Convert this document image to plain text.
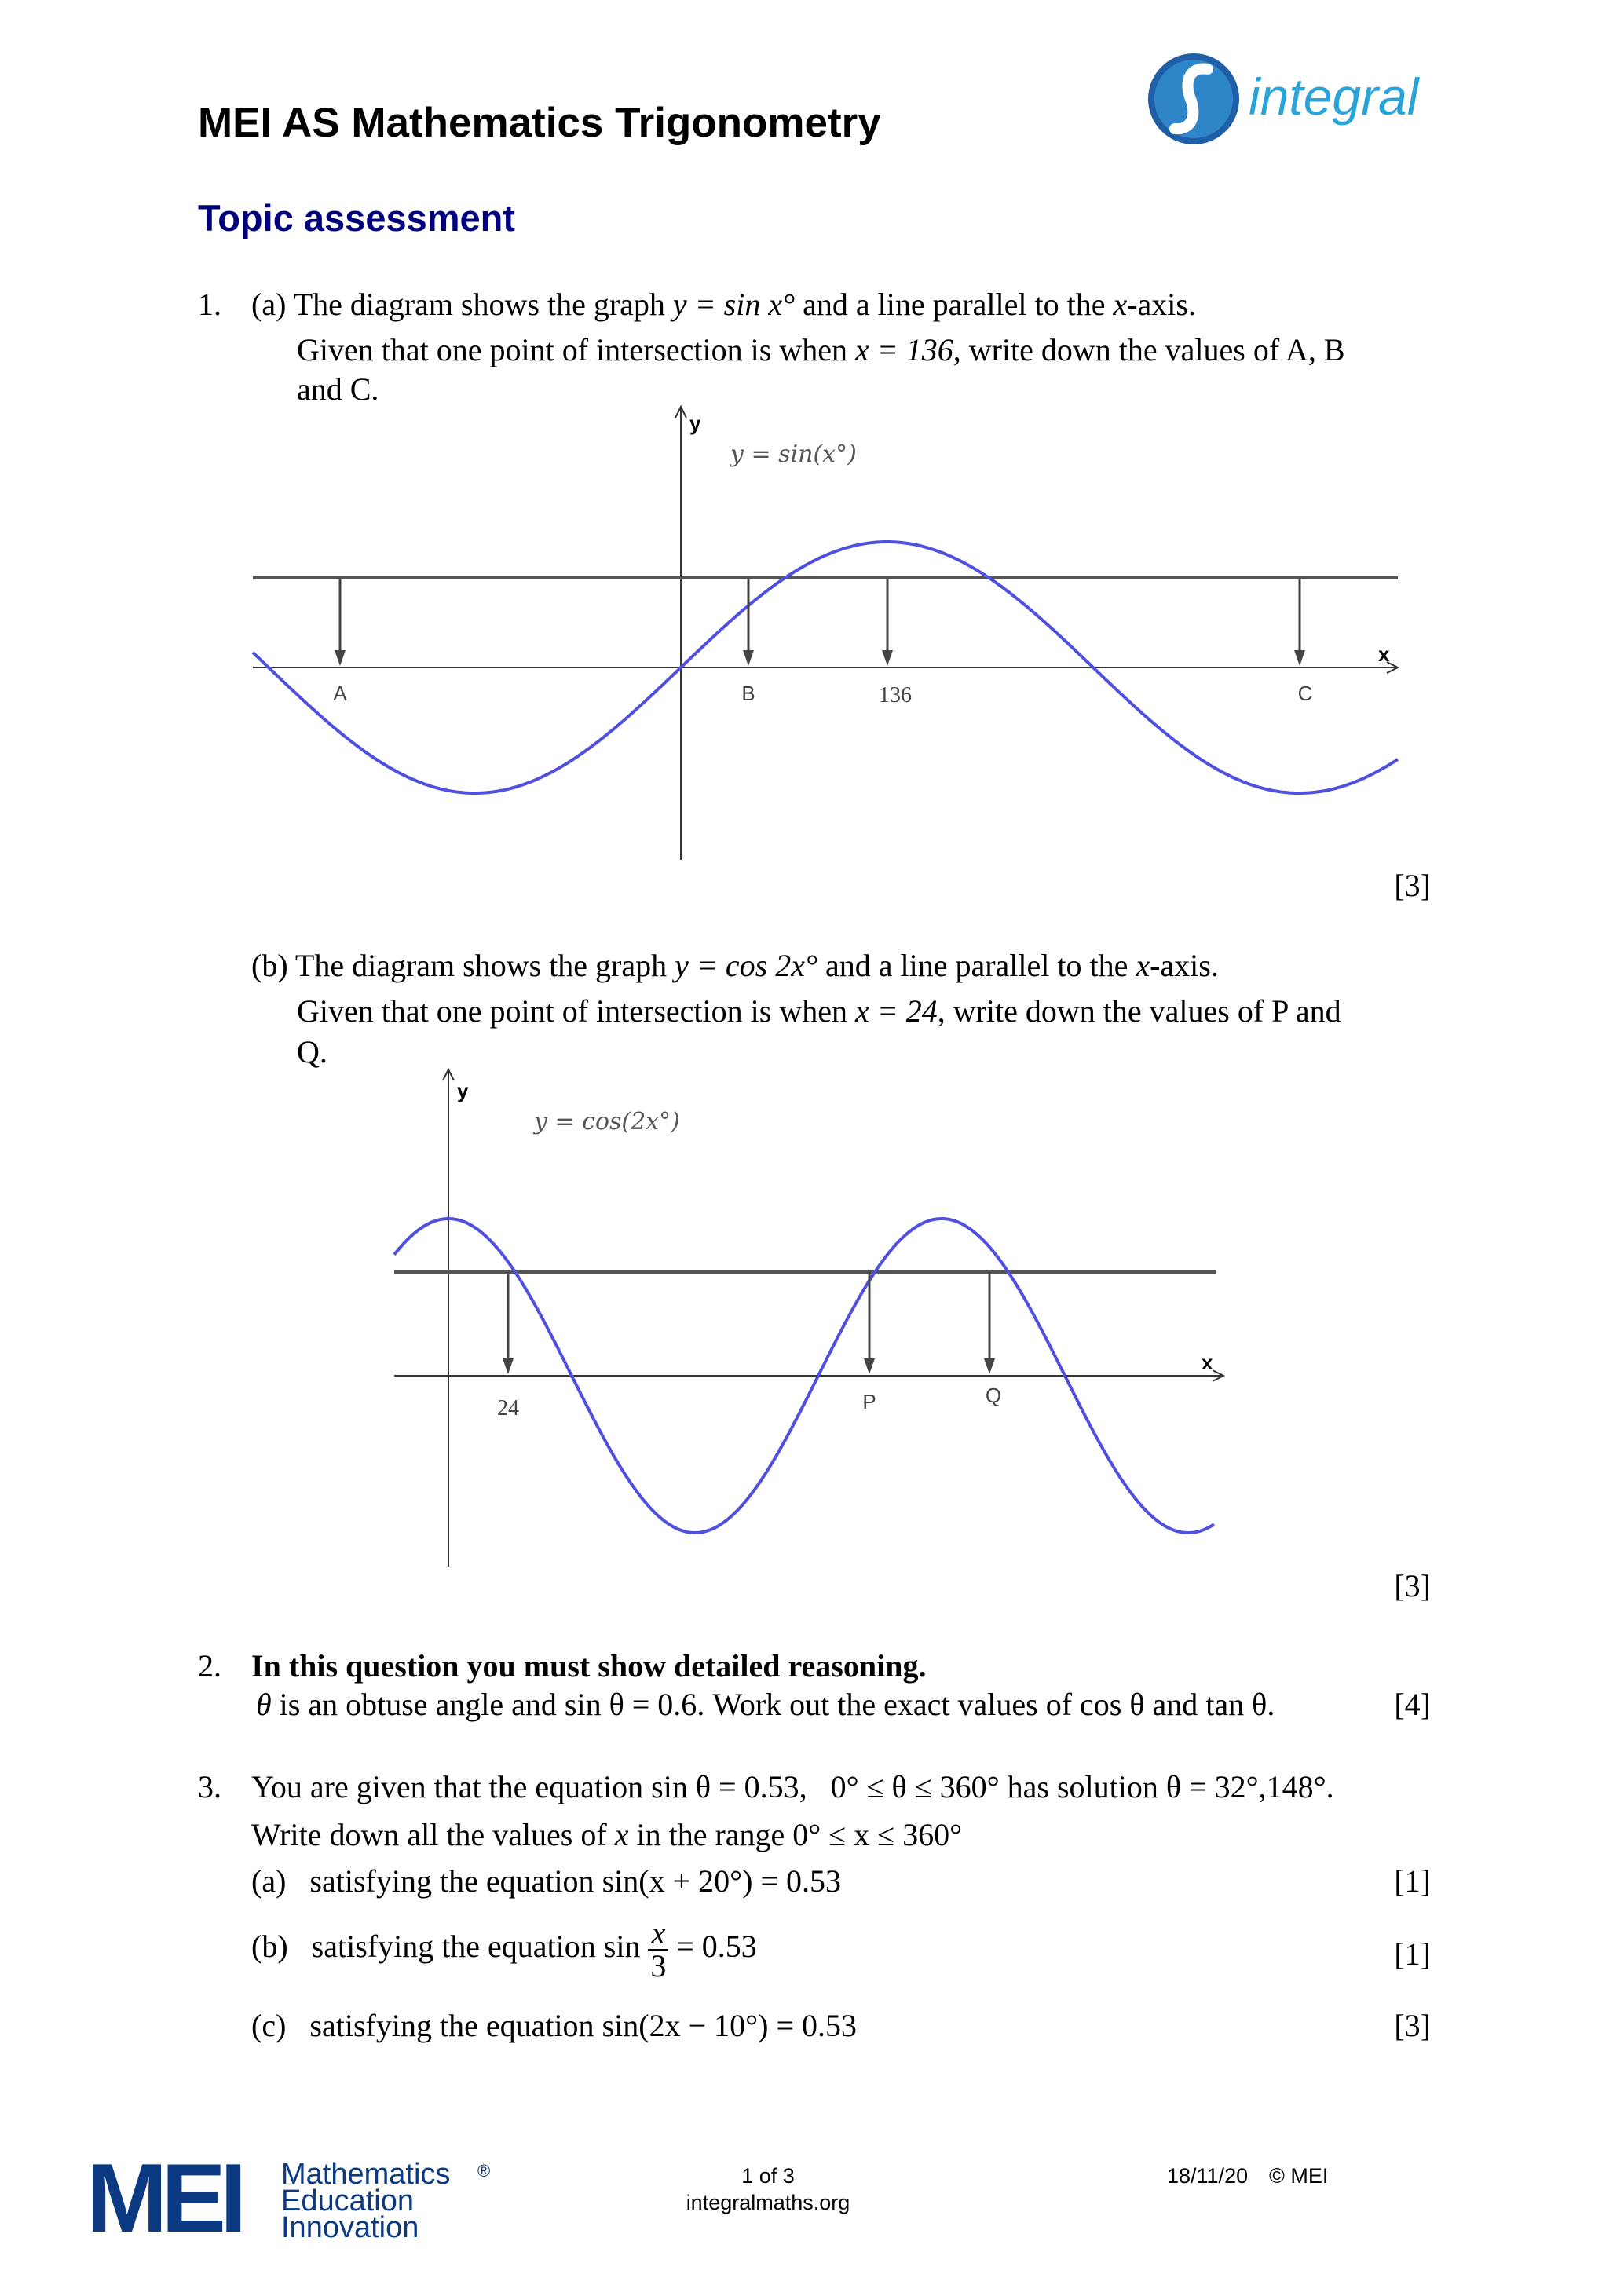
MEI AS Mathematics Trigonometry
Topic assessment
integral
1. (a) The diagram shows the graph y = sin x° and a line parallel to the x-axis.
Given that one point of intersection is when x = 136, write down the values of A, B
and C.
y
x
y = sin(x°)
A	B	136	C
[3]
(b) The diagram shows the graph y = cos 2x° and a line parallel to the x-axis.
Given that one point of intersection is when x = 24, write down the values of P and
Q.
y
x
y = cos(2x°)
24	P	Q
[3]
2. In this question you must show detailed reasoning.
θ is an obtuse angle and sin θ = 0.6. Work out the exact values of cos θ and tan θ.	[4]
3. You are given that the equation sin θ = 0.53, 0° ≤ θ ≤ 360° has solution θ = 32°,148°.
Write down all the values of x in the range 0° ≤ x ≤ 360°
(a) satisfying the equation sin(x + 20°) = 0.53	[1]
(b) satisfying the equation $\sin \frac{x}{3} = 0.53$	[1]
(c) satisfying the equation sin(2x − 10°) = 0.53	[3]
MEI Mathematics
Education
Innovation
®	1 of 3
integralmaths.org
18/11/20 © MEI
